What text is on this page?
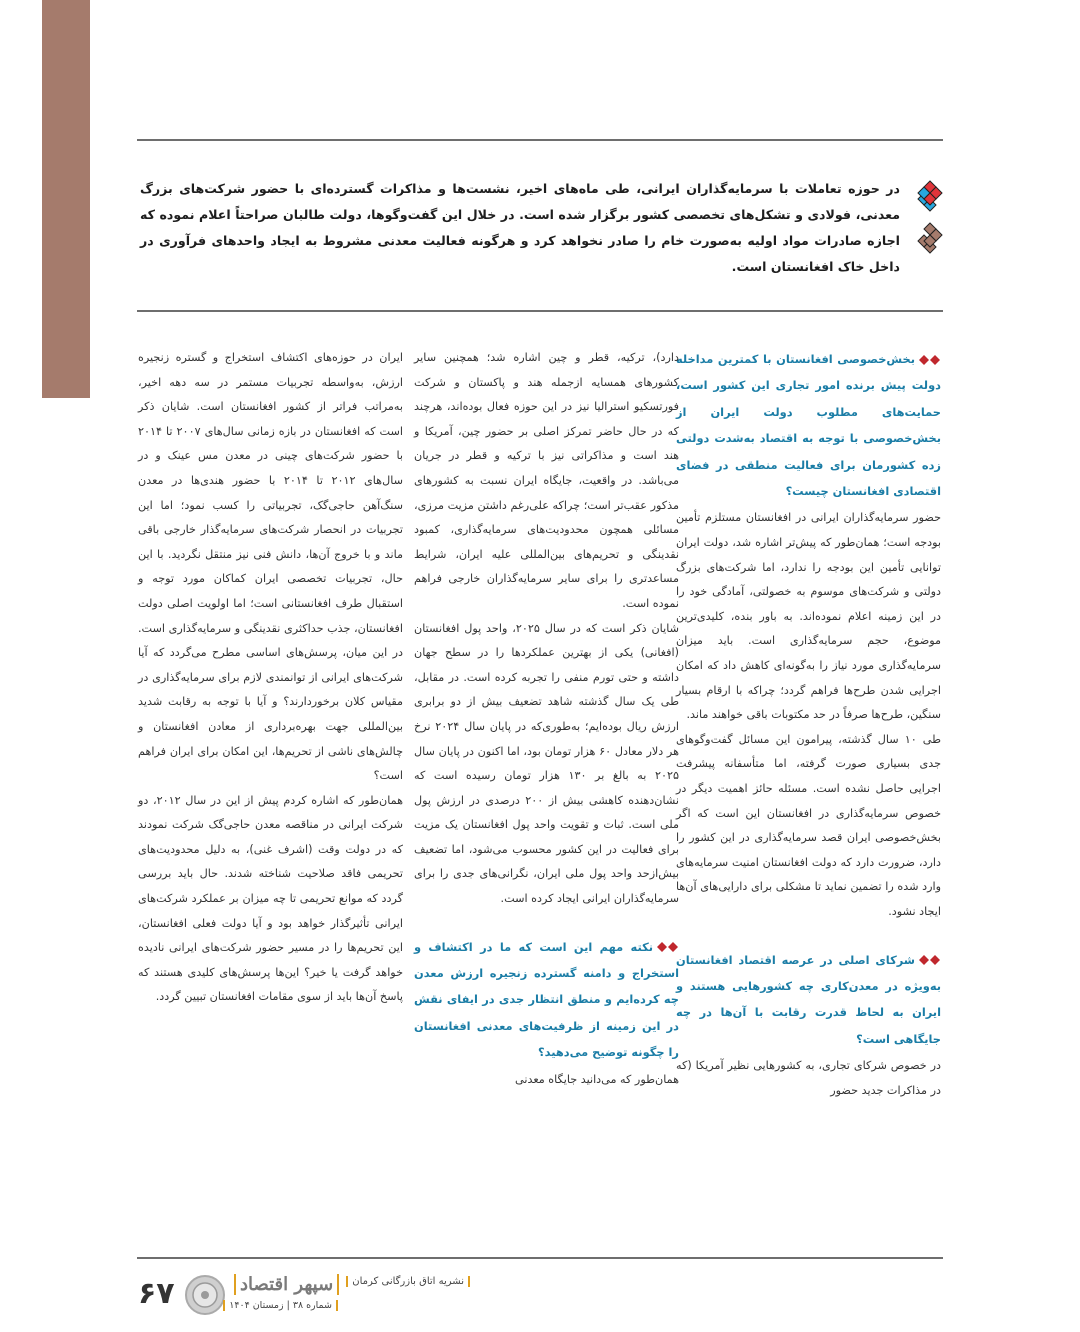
در حوزه تعاملات با سرمایه‌گذاران ایرانی، طی ماه‌های اخیر، نشست‌ها و مذاکرات گسترده‌ای با حضور شرکت‌های بزرگ معدنی، فولادی و تشکل‌های تخصصی کشور برگزار شده است. در خلال این گفت‌وگوها، دولت طالبان صراحتاً اعلام نموده که اجازه صادرات مواد اولیه به‌صورت خام را صادر نخواهد کرد و هرگونه فعالیت معدنی مشروط به ایجاد واحدهای فرآوری در داخل خاک افغانستان است.

بخش‌خصوصی افغانستان با کمترین مداخله دولت پیش برنده امور تجاری این کشور است، حمایت‌های مطلوب دولت ایران از بخش‌خصوصی با توجه به اقتصاد به‌شدت دولتی زده کشورمان برای فعالیت منطقی در فضای اقتصادی افغانستان چیست؟

حضور سرمایه‌گذاران ایرانی در افغانستان مستلزم تأمین بودجه است؛ همان‌طور که پیش‌تر اشاره شد، دولت ایران توانایی تأمین این بودجه را ندارد، اما شرکت‌های بزرگ دولتی و شرکت‌های موسوم به خصولتی، آمادگی خود را در این زمینه اعلام نموده‌اند. به باور بنده، کلیدی‌ترین موضوع، حجم سرمایه‌گذاری است. باید میزان سرمایه‌گذاری مورد نیاز را به‌گونه‌ای کاهش داد که امکان اجرایی شدن طرح‌ها فراهم گردد؛ چراکه با ارقام بسیار سنگین، طرح‌ها صرفاً در حد مکتوبات باقی خواهند ماند.

طی ۱۰ سال گذشته، پیرامون این مسائل گفت‌وگوهای جدی بسیاری صورت گرفته، اما متأسفانه پیشرفت اجرایی حاصل نشده است. مسئله حائز اهمیت دیگر در خصوص سرمایه‌گذاری در افغانستان این است که اگر بخش‌خصوصی ایران قصد سرمایه‌گذاری در این کشور را دارد، ضرورت دارد که دولت افغانستان امنیت سرمایه‌های وارد شده را تضمین نماید تا مشکلی برای دارایی‌های آن‌ها ایجاد نشود.

شرکای اصلی در عرصه اقتصاد افغانستان به‌ویژه در معدن‌کاری چه کشورهایی هستند و ایران به لحاظ قدرت رقابت با آن‌ها در چه جایگاهی است؟

در خصوص شرکای تجاری، به کشورهایی نظیر آمریکا (که در مذاکرات جدید حضور

دارد)، ترکیه، قطر و چین اشاره شد؛ همچنین سایر کشورهای همسایه ازجمله هند و پاکستان و شرکت فورتسکیو استرالیا نیز در این حوزه فعال بوده‌اند، هرچند که در حال حاضر تمرکز اصلی بر حضور چین، آمریکا و هند است و مذاکراتی نیز با ترکیه و قطر در جریان می‌باشد. در واقعیت، جایگاه ایران نسبت به کشورهای مذکور عقب‌تر است؛ چراکه علی‌رغم داشتن مزیت مرزی، مسائلی همچون محدودیت‌های سرمایه‌گذاری، کمبود نقدینگی و تحریم‌های بین‌المللی علیه ایران، شرایط مساعدتری را برای سایر سرمایه‌گذاران خارجی فراهم نموده است.

شایان ذکر است که در سال ۲۰۲۵، واحد پول افغانستان (افغانی) یکی از بهترین عملکردها را در سطح جهان داشته و حتی تورم منفی را تجربه کرده است. در مقابل، طی یک سال گذشته شاهد تضعیف بیش از دو برابری ارزش ریال بوده‌ایم؛ به‌طوری‌که در پایان سال ۲۰۲۴ نرخ هر دلار معادل ۶۰ هزار تومان بود، اما اکنون در پایان سال ۲۰۲۵ به بالغ بر ۱۳۰ هزار تومان رسیده است که نشان‌دهنده کاهشی بیش از ۲۰۰ درصدی در ارزش پول ملی است. ثبات و تقویت واحد پول افغانستان یک مزیت برای فعالیت در این کشور محسوب می‌شود، اما تضعیف بیش‌ازحد واحد پول ملی ایران، نگرانی‌های جدی را برای سرمایه‌گذاران ایرانی ایجاد کرده است.

نکته مهم این است که ما در اکتشاف و استخراج و دامنه گسترده زنجیره ارزش معدن چه کرده‌ایم و منطق انتظار جدی در ایفای نقش در این زمینه از ظرفیت‌های معدنی افغانستان را چگونه توضیح می‌دهید؟

همان‌طور که می‌دانید جایگاه معدنی

ایران در حوزه‌های اکتشاف استخراج و گستره زنجیره ارزش، به‌واسطه تجربیات مستمر در سه دهه اخیر، به‌مراتب فراتر از کشور افغانستان است. شایان ذکر است که افغانستان در بازه زمانی سال‌های ۲۰۰۷ تا ۲۰۱۴ با حضور شرکت‌های چینی در معدن مس عینک و در سال‌های ۲۰۱۲ تا ۲۰۱۴ با حضور هندی‌ها در معدن سنگ‌آهن حاجی‌گک، تجربیاتی را کسب نمود؛ اما این تجربیات در انحصار شرکت‌های سرمایه‌گذار خارجی باقی ماند و با خروج آن‌ها، دانش فنی نیز منتقل نگردید. با این حال، تجربیات تخصصی ایران کماکان مورد توجه و استقبال طرف افغانستانی است؛ اما اولویت اصلی دولت افغانستان، جذب حداکثری نقدینگی و سرمایه‌گذاری است. در این میان، پرسش‌های اساسی مطرح می‌گردد که آیا شرکت‌های ایرانی از توانمندی لازم برای سرمایه‌گذاری در مقیاس کلان برخوردارند؟ و آیا با توجه به رقابت شدید بین‌المللی جهت بهره‌برداری از معادن افغانستان و چالش‌های ناشی از تحریم‌ها، این امکان برای ایران فراهم است؟

همان‌طور که اشاره کردم پیش از این در سال ۲۰۱۲، دو شرکت ایرانی در مناقصه معدن حاجی‌گک شرکت نمودند که در دولت وقت (اشرف غنی)، به دلیل محدودیت‌های تحریمی فاقد صلاحیت شناخته شدند. حال باید بررسی گردد که موانع تحریمی تا چه میزان بر عملکرد شرکت‌های ایرانی تأثیرگذار خواهد بود و آیا دولت فعلی افغانستان، این تحریم‌ها را در مسیر حضور شرکت‌های ایرانی نادیده خواهد گرفت یا خیر؟ این‌ها پرسش‌های کلیدی هستند که پاسخ آن‌ها باید از سوی مقامات افغانستان تبیین گردد.

۶۷	سپهر اقتصاد	نشریه اتاق بازرگانی کرمان
شماره ۳۸ | زمستان ۱۴۰۴
